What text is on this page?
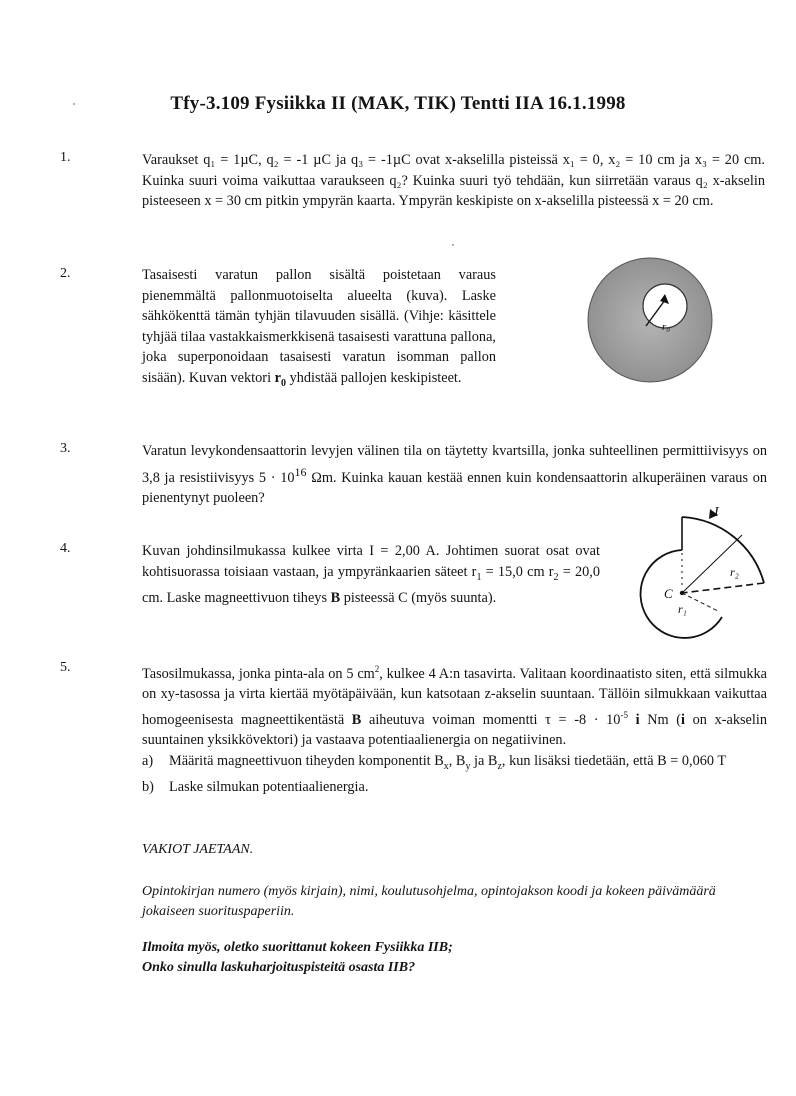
Tfy-3.109 Fysiikka II (MAK, TIK) Tentti IIA 16.1.1998
1.	Varaukset q₁ = 1µC, q₂ = -1 µC ja q₃ = -1µC ovat x-akselilla pisteissä x₁ = 0, x₂ = 10 cm ja x₃ = 20 cm. Kuinka suuri voima vaikuttaa varaukseen q₂? Kuinka suuri työ tehdään, kun siirretään varaus q₂ x-akselin pisteeseen x = 30 cm pitkin ympyrän kaarta. Ympyrän keskipiste on x-akselilla pisteessä x = 20 cm.
2.	Tasaisesti varatun pallon sisältä poistetaan varaus pienemmältä pallonmuotoiselta alueelta (kuva). Laske sähkökenttä tämän tyhjän tilavuuden sisällä. (Vihje: käsittele tyhjää tilaa vastakkaismerkkisenä tasaisesti varattuna pallona, joka superponoidaan tasaisesti varatun isomman pallon sisään). Kuvan vektori $r_0$ yhdistää pallojen keskipisteet.
r₀
3.	Varatun levykondensaattorin levyjen välinen tila on täytetty kvartsilla, jonka suhteellinen permittiivisyys on 3,8 ja resistiivisyys $5 \cdot 10^{16}$ Ωm. Kuinka kauan kestää ennen kuin kondensaattorin alkuperäinen varaus on pienentynyt puoleen?
4.	Kuvan johdinsilmukassa kulkee virta I = 2,00 A. Johtimen suorat osat ovat kohtisuorassa toisiaan vastaan, ja ympyränkaarien säteet $r_1 = 15,0$ cm $r_2 = 20,0$ cm. Laske magneettivuon tiheys B pisteessä C (myös suunta).
I
r₂
r₁
C
5.	Tasosilmukassa, jonka pinta-ala on 5 $cm^2$, kulkee 4 A:n tasavirta. Valitaan koordinaatisto siten, että silmukka on xy-tasossa ja virta kiertää myötäpäivään, kun katsotaan z-akselin suuntaan. Tällöin silmukkaan vaikuttaa homogeenisesta magneettikentästä B aiheutuva voiman momentti $\tau = -8 \cdot 10^{-5}$ i Nm (i on x-akselin suuntainen yksikkövektori) ja vastaava potentiaalienergia on negatiivinen.
a) Määritä magneettivuon tiheyden komponentit $B_x$, $B_y$ ja $B_z$, kun lisäksi tiedetään, että B = 0,060 T
b) Laske silmukan potentiaalienergia.
VAKIOT JAETAAN.
Opintokirjan numero (myös kirjain), nimi, koulutusohjelma, opintojakson koodi ja kokeen päivämäärä jokaiseen suorituspaperiin.
Ilmoita myös, oletko suorittanut kokeen Fysiikka IIB;
Onko sinulla laskuharjoituspisteitä osasta IIB?
